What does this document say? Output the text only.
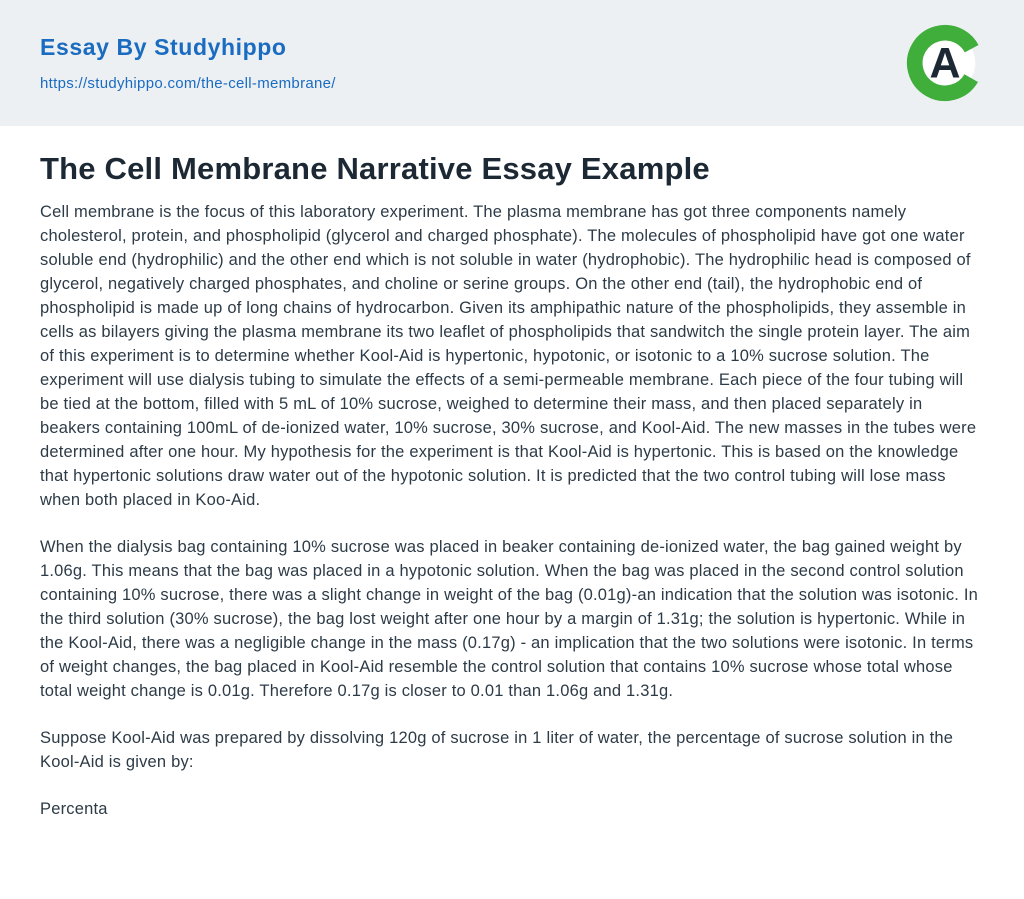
Essay By Studyhippo
https://studyhippo.com/the-cell-membrane/	A
The Cell Membrane Narrative Essay Example

Cell membrane is the focus of this laboratory experiment. The plasma membrane has got three components namely cholesterol, protein, and phospholipid (glycerol and charged phosphate). The molecules of phospholipid have got one water soluble end (hydrophilic) and the other end which is not soluble in water (hydrophobic). The hydrophilic head is composed of glycerol, negatively charged phosphates, and choline or serine groups. On the other end (tail), the hydrophobic end of phospholipid is made up of long chains of hydrocarbon. Given its amphipathic nature of the phospholipids, they assemble in cells as bilayers giving the plasma membrane its two leaflet of phospholipids that sandwitch the single protein layer. The aim of this experiment is to determine whether Kool-Aid is hypertonic, hypotonic, or isotonic to a 10% sucrose solution. The experiment will use dialysis tubing to simulate the effects of a semi-permeable membrane. Each piece of the four tubing will be tied at the bottom, filled with 5 mL of 10% sucrose, weighed to determine their mass, and then placed separately in beakers containing 100mL of de-ionized water, 10% sucrose, 30% sucrose, and Kool-Aid. The new masses in the tubes were determined after one hour. My hypothesis for the experiment is that Kool-Aid is hypertonic. This is based on the knowledge that hypertonic solutions draw water out of the hypotonic solution. It is predicted that the two control tubing will lose mass when both placed in Koo-Aid.

When the dialysis bag containing 10% sucrose was placed in beaker containing de-ionized water, the bag gained weight by 1.06g. This means that the bag was placed in a hypotonic solution. When the bag was placed in the second control solution containing 10% sucrose, there was a slight change in weight of the bag (0.01g)-an indication that the solution was isotonic. In the third solution (30% sucrose), the bag lost weight after one hour by a margin of 1.31g; the solution is hypertonic. While in the Kool-Aid, there was a negligible change in the mass (0.17g) - an implication that the two solutions were isotonic. In terms of weight changes, the bag placed in Kool-Aid resemble the control solution that contains 10% sucrose whose total whose total weight change is 0.01g. Therefore 0.17g is closer to 0.01 than 1.06g and 1.31g.

Suppose Kool-Aid was prepared by dissolving 120g of sucrose in 1 liter of water, the percentage of sucrose solution in the Kool-Aid is given by:

Percenta
